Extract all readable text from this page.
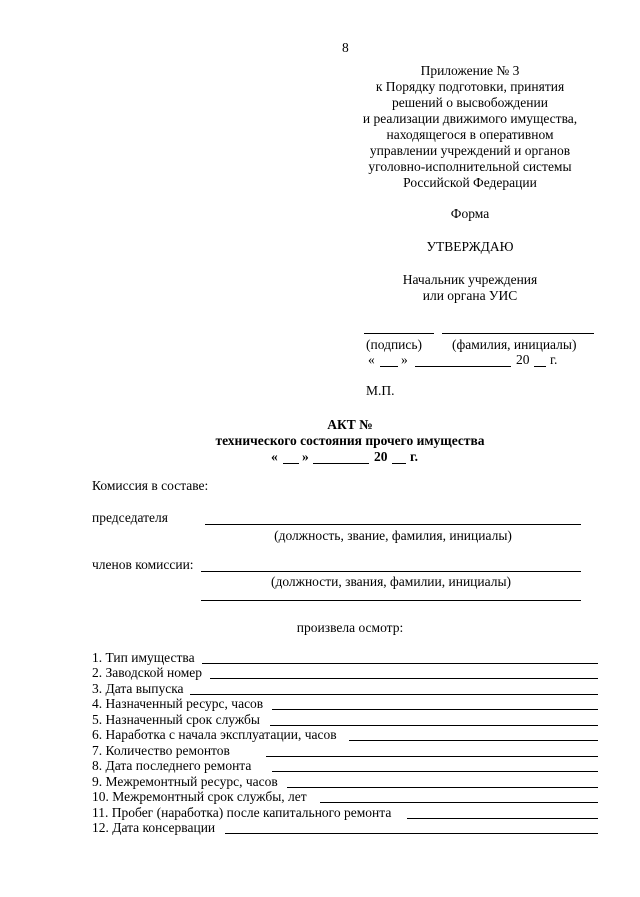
8
Приложение № 3
к Порядку подготовки, принятия
решений о высвобождении
и реализации движимого имущества,
находящегося в оперативном
управлении учреждений и органов
уголовно-исполнительной системы
Российской Федерации
Форма
УТВЕРЖДАЮ
Начальник учреждения
или органа УИС
(подпись) (фамилия, инициалы)
« »	20 г.
М.П.
АКТ №
технического состояния прочего имущества
« »	20 г.
Комиссия в составе:
председателя
(должность, звание, фамилия, инициалы)
членов комиссии:
(должности, звания, фамилии, инициалы)
произвела осмотр:
1. Тип имущества
2. Заводской номер
3. Дата выпуска
4. Назначенный ресурс, часов
5. Назначенный срок службы
6. Наработка с начала эксплуатации, часов
7. Количество ремонтов
8. Дата последнего ремонта
9. Межремонтный ресурс, часов
10. Межремонтный срок службы, лет
11. Пробег (наработка) после капитального ремонта
12. Дата консервации
